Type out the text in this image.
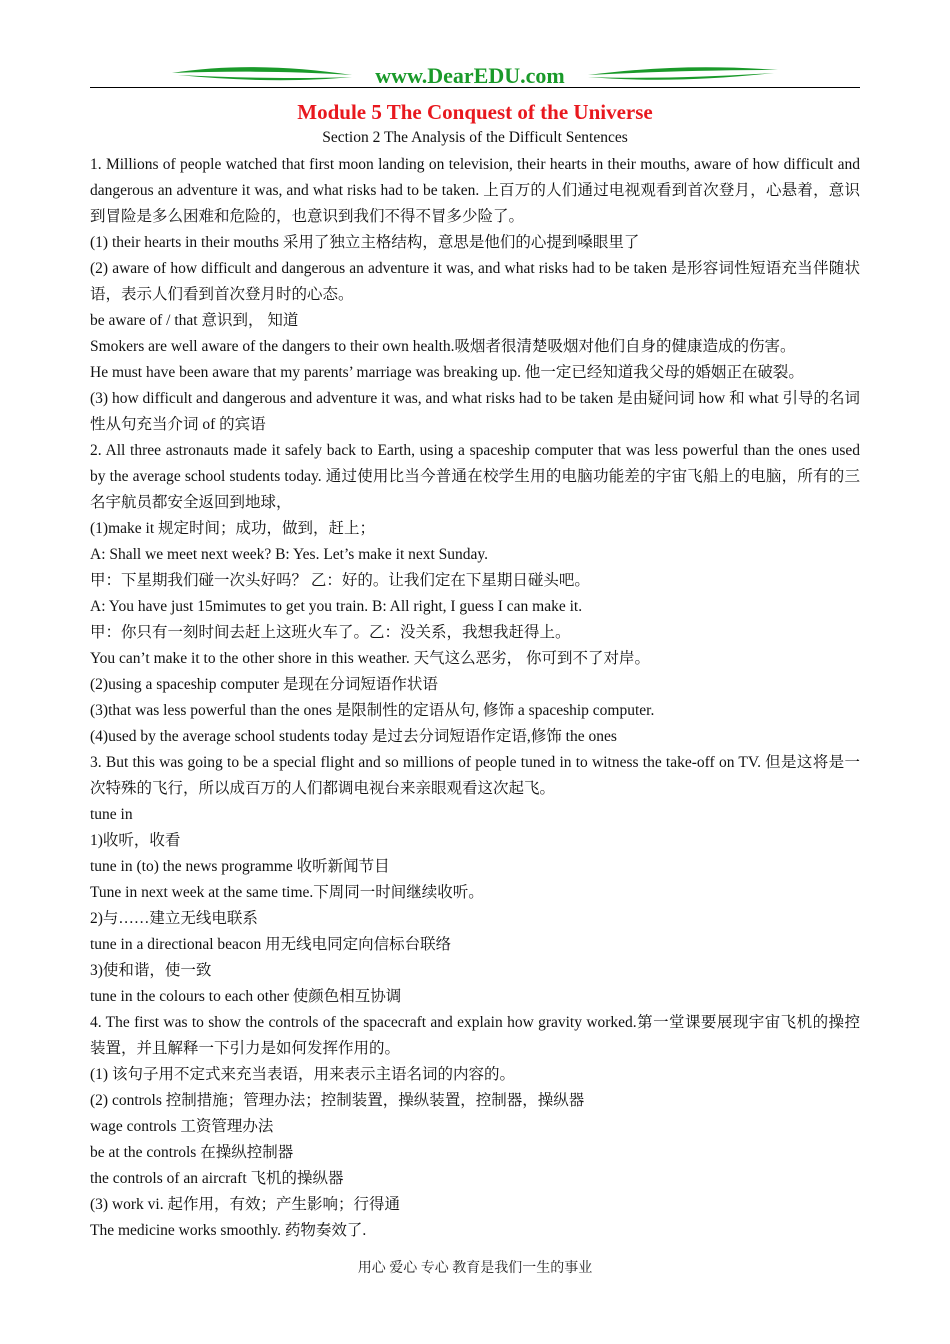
www.DearEDU.com
Module 5 The Conquest of the Universe

Section 2 The Analysis of the Difficult Sentences

1. Millions of people watched that first moon landing on television, their hearts in their mouths, aware of how difficult and dangerous an adventure it was, and what risks had to be taken. 上百万的人们通过电视观看到首次登月，心悬着，意识到冒险是多么困难和危险的，也意识到我们不得不冒多少险了。

(1) their hearts in their mouths 采用了独立主格结构，意思是他们的心提到嗓眼里了

(2) aware of how difficult and dangerous an adventure it was, and what risks had to be taken 是形容词性短语充当伴随状语，表示人们看到首次登月时的心态。

be aware of / that 意识到， 知道

Smokers are well aware of the dangers to their own health.吸烟者很清楚吸烟对他们自身的健康造成的伤害。

He must have been aware that my parents’ marriage was breaking up. 他一定已经知道我父母的婚姻正在破裂。

(3) how difficult and dangerous and adventure it was, and what risks had to be taken 是由疑问词 how 和 what 引导的名词性从句充当介词 of 的宾语

2. All three astronauts made it safely back to Earth, using a spaceship computer that was less powerful than the ones used by the average school students today. 通过使用比当今普通在校学生用的电脑功能差的宇宙飞船上的电脑，所有的三名宇航员都安全返回到地球，

(1)make it 规定时间；成功，做到，赶上；

A: Shall we meet next week? B: Yes. Let’s make it next Sunday.

甲：下星期我们碰一次头好吗？ 乙：好的。让我们定在下星期日碰头吧。

A: You have just 15mimutes to get you train. B: All right, I guess I can make it.

甲：你只有一刻时间去赶上这班火车了。乙：没关系，我想我赶得上。

You can’t make it to the other shore in this weather. 天气这么恶劣， 你可到不了对岸。

(2)using a spaceship computer 是现在分词短语作状语

(3)that was less powerful than the ones 是限制性的定语从句, 修饰 a spaceship computer.

(4)used by the average school students today 是过去分词短语作定语,修饰 the ones

3. But this was going to be a special flight and so millions of people tuned in to witness the take-off on TV. 但是这将是一次特殊的飞行，所以成百万的人们都调电视台来亲眼观看这次起飞。

tune in

1)收听，收看

tune in (to) the news programme 收听新闻节目

Tune in next week at the same time.下周同一时间继续收听。

2)与……建立无线电联系

tune in a directional beacon 用无线电同定向信标台联络

3)使和谐，使一致

tune in the colours to each other 使颜色相互协调

4. The first was to show the controls of the spacecraft and explain how gravity worked.第一堂课要展现宇宙飞机的操控装置，并且解释一下引力是如何发挥作用的。

(1) 该句子用不定式来充当表语，用来表示主语名词的内容的。

(2) controls 控制措施；管理办法；控制装置，操纵装置，控制器，操纵器

wage controls 工资管理办法

be at the controls 在操纵控制器

the controls of an aircraft 飞机的操纵器

(3) work vi. 起作用，有效；产生影响；行得通

The medicine works smoothly. 药物奏效了.

用心 爱心 专心 教育是我们一生的事业
